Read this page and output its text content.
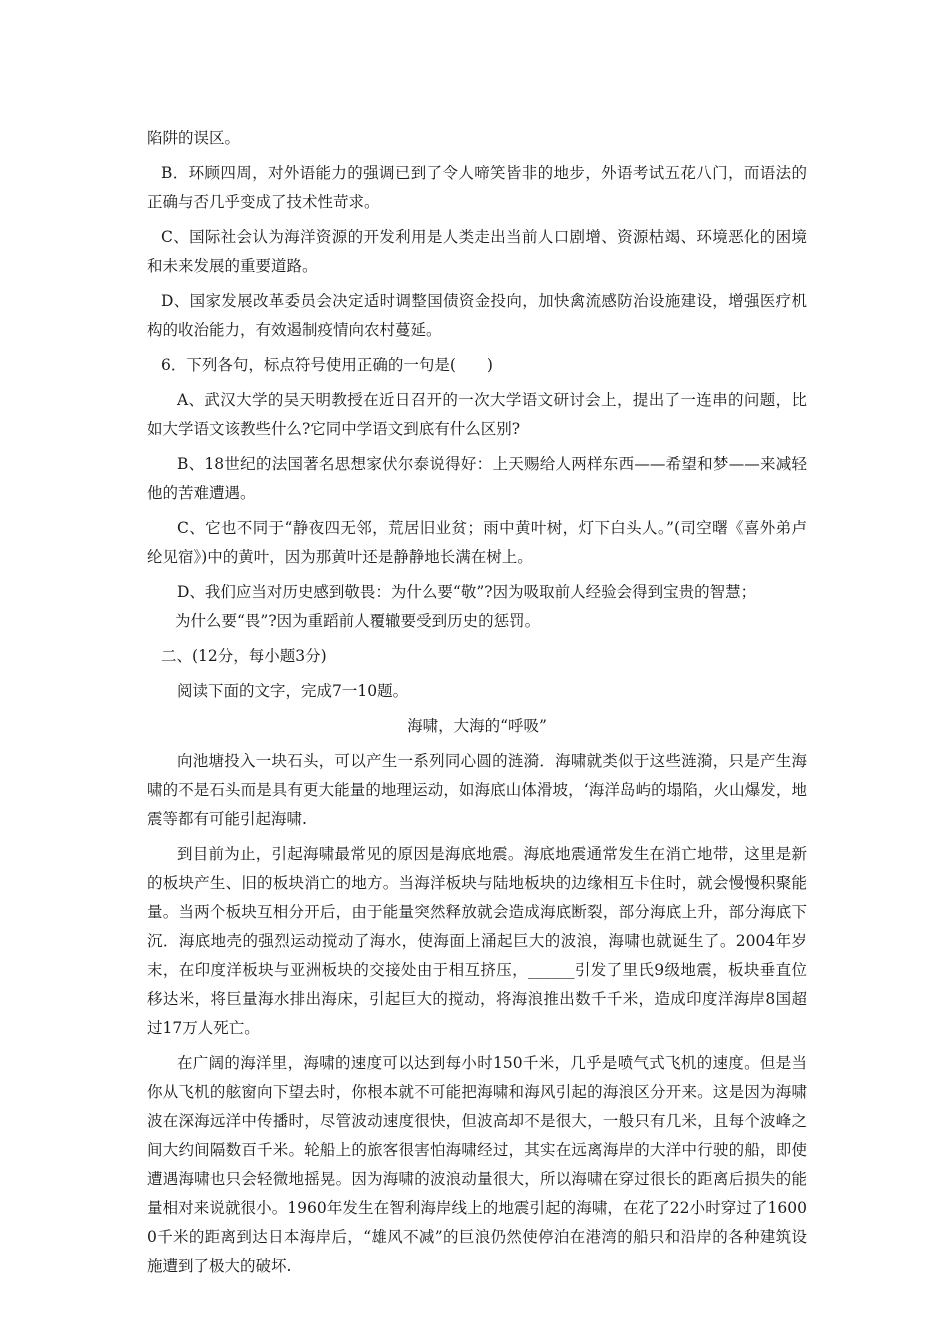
陷阱的误区。

B．环顾四周，对外语能力的强调已到了令人啼笑皆非的地步，外语考试五花八门，而语法的正确与否几乎变成了技术性苛求。

C、国际社会认为海洋资源的开发利用是人类走出当前人口剧增、资源枯竭、环境恶化的困境和未来发展的重要道路。

D、国家发展改革委员会决定适时调整国债资金投向，加快禽流感防治设施建设，增强医疗机构的收治能力，有效遏制疫情向农村蔓延。

6．下列各句，标点符号使用正确的一句是(　　)

A、武汉大学的吴天明教授在近日召开的一次大学语文研讨会上，提出了一连串的问题，比如大学语文该教些什么?它同中学语文到底有什么区别?

B、18世纪的法国著名思想家伏尔泰说得好：上天赐给人两样东西——希望和梦——来减轻他的苦难遭遇。

C、它也不同于“静夜四无邻，荒居旧业贫；雨中黄叶树，灯下白头人。”(司空曙《喜外弟卢纶见宿》)中的黄叶，因为那黄叶还是静静地长满在树上。

D、我们应当对历史感到敬畏：为什么要“敬”?因为吸取前人经验会得到宝贵的智慧；
为什么要“畏”?因为重蹈前人覆辙要受到历史的惩罚。

二、(12分，每小题3分)

阅读下面的文字，完成7一10题。

海啸，大海的“呼吸”

向池塘投入一块石头，可以产生一系列同心圆的涟漪．海啸就类似于这些涟漪，只是产生海啸的不是石头而是具有更大能量的地理运动，如海底山体滑坡，‘海洋岛屿的塌陷，火山爆发，地震等都有可能引起海啸.

到目前为止，引起海啸最常见的原因是海底地震。海底地震通常发生在消亡地带，这里是新的板块产生、旧的板块消亡的地方。当海洋板块与陆地板块的边缘相互卡住时，就会慢慢积聚能量。当两个板块互相分开后，由于能量突然释放就会造成海底断裂，部分海底上升，部分海底下沉．海底地壳的强烈运动搅动了海水，使海面上涌起巨大的波浪，海啸也就诞生了。2004年岁末，在印度洋板块与亚洲板块的交接处由于相互挤压，______引发了里氏9级地震，板块垂直位移达米，将巨量海水排出海床，引起巨大的搅动，将海浪推出数千千米，造成印度洋海岸8国超过17万人死亡。

在广阔的海洋里，海啸的速度可以达到每小时150千米，几乎是喷气式飞机的速度。但是当你从飞机的舷窗向下望去时，你根本就不可能把海啸和海风引起的海浪区分开来。这是因为海啸波在深海远洋中传播时，尽管波动速度很快，但波高却不是很大，一般只有几米，且每个波峰之间大约间隔数百千米。轮船上的旅客很害怕海啸经过，其实在远离海岸的大洋中行驶的船，即使遭遇海啸也只会轻微地摇晃。因为海啸的波浪动量很大，所以海啸在穿过很长的距离后损失的能量相对来说就很小。1960年发生在智利海岸线上的地震引起的海啸，在花了22小时穿过了16000千米的距离到达日本海岸后，“雄风不减”的巨浪仍然使停泊在港湾的船只和沿岸的各种建筑设施遭到了极大的破坏.
